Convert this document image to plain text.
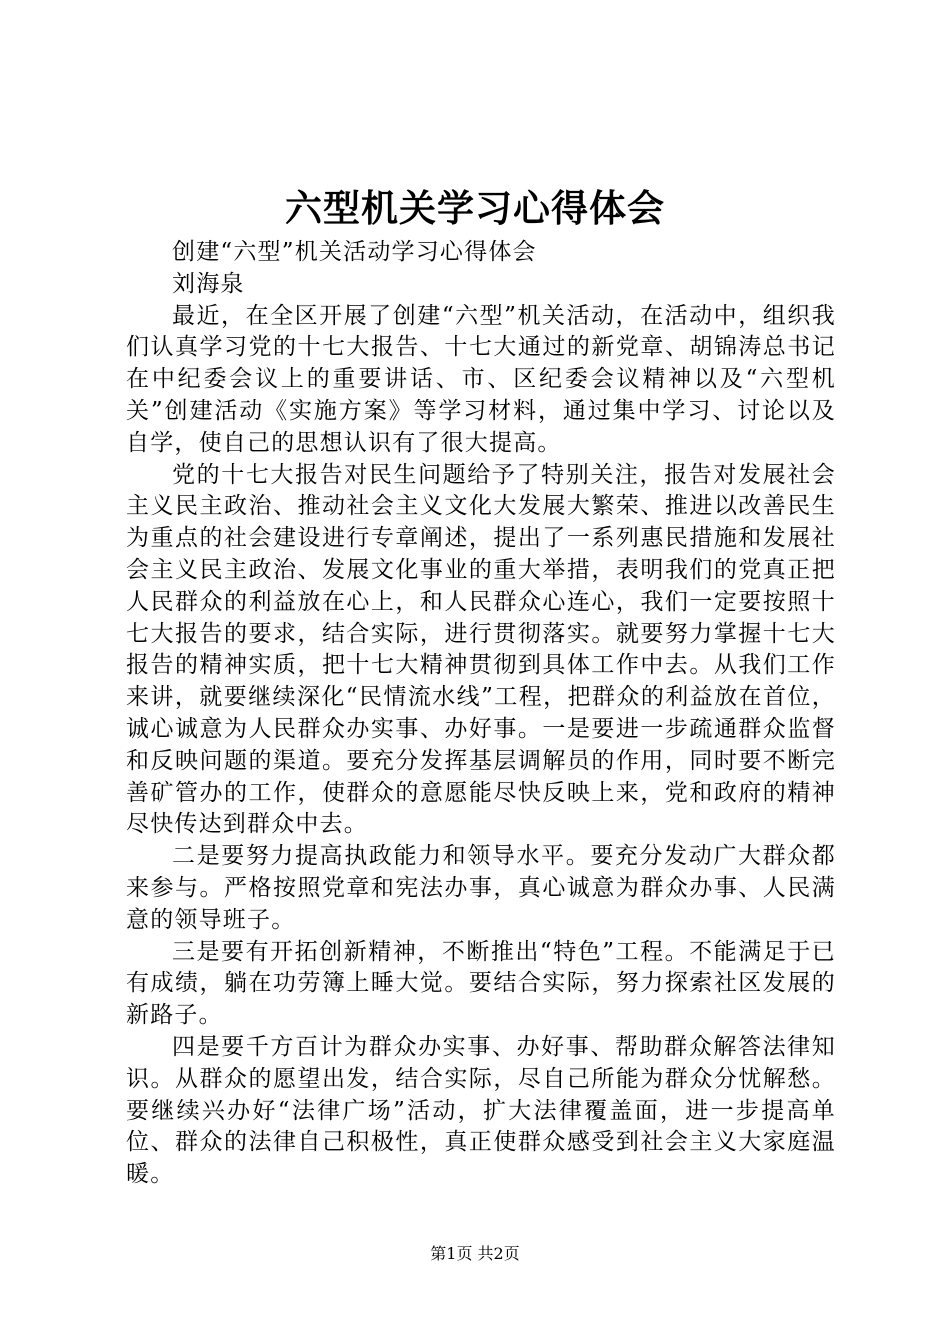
六型机关学习心得体会

创建“六型”机关活动学习心得体会

刘海泉

最近，在全区开展了创建“六型”机关活动，在活动中，组织我们认真学习党的十七大报告、十七大通过的新党章、胡锦涛总书记在中纪委会议上的重要讲话、市、区纪委会议精神以及“六型机关”创建活动《实施方案》等学习材料，通过集中学习、讨论以及自学，使自己的思想认识有了很大提高。

党的十七大报告对民生问题给予了特别关注，报告对发展社会主义民主政治、推动社会主义文化大发展大繁荣、推进以改善民生为重点的社会建设进行专章阐述，提出了一系列惠民措施和发展社会主义民主政治、发展文化事业的重大举措，表明我们的党真正把人民群众的利益放在心上，和人民群众心连心，我们一定要按照十七大报告的要求，结合实际，进行贯彻落实。就要努力掌握十七大报告的精神实质，把十七大精神贯彻到具体工作中去。从我们工作来讲，就要继续深化“民情流水线”工程，把群众的利益放在首位，诚心诚意为人民群众办实事、办好事。一是要进一步疏通群众监督和反映问题的渠道。要充分发挥基层调解员的作用，同时要不断完善矿管办的工作，使群众的意愿能尽快反映上来，党和政府的精神尽快传达到群众中去。

二是要努力提高执政能力和领导水平。要充分发动广大群众都来参与。严格按照党章和宪法办事，真心诚意为群众办事、人民满意的领导班子。

三是要有开拓创新精神，不断推出“特色”工程。不能满足于已有成绩，躺在功劳簿上睡大觉。要结合实际，努力探索社区发展的新路子。

四是要千方百计为群众办实事、办好事、帮助群众解答法律知识。从群众的愿望出发，结合实际，尽自己所能为群众分忧解愁。要继续兴办好“法律广场”活动，扩大法律覆盖面，进一步提高单位、群众的法律自己积极性，真正使群众感受到社会主义大家庭温暖。

第1页 共2页
